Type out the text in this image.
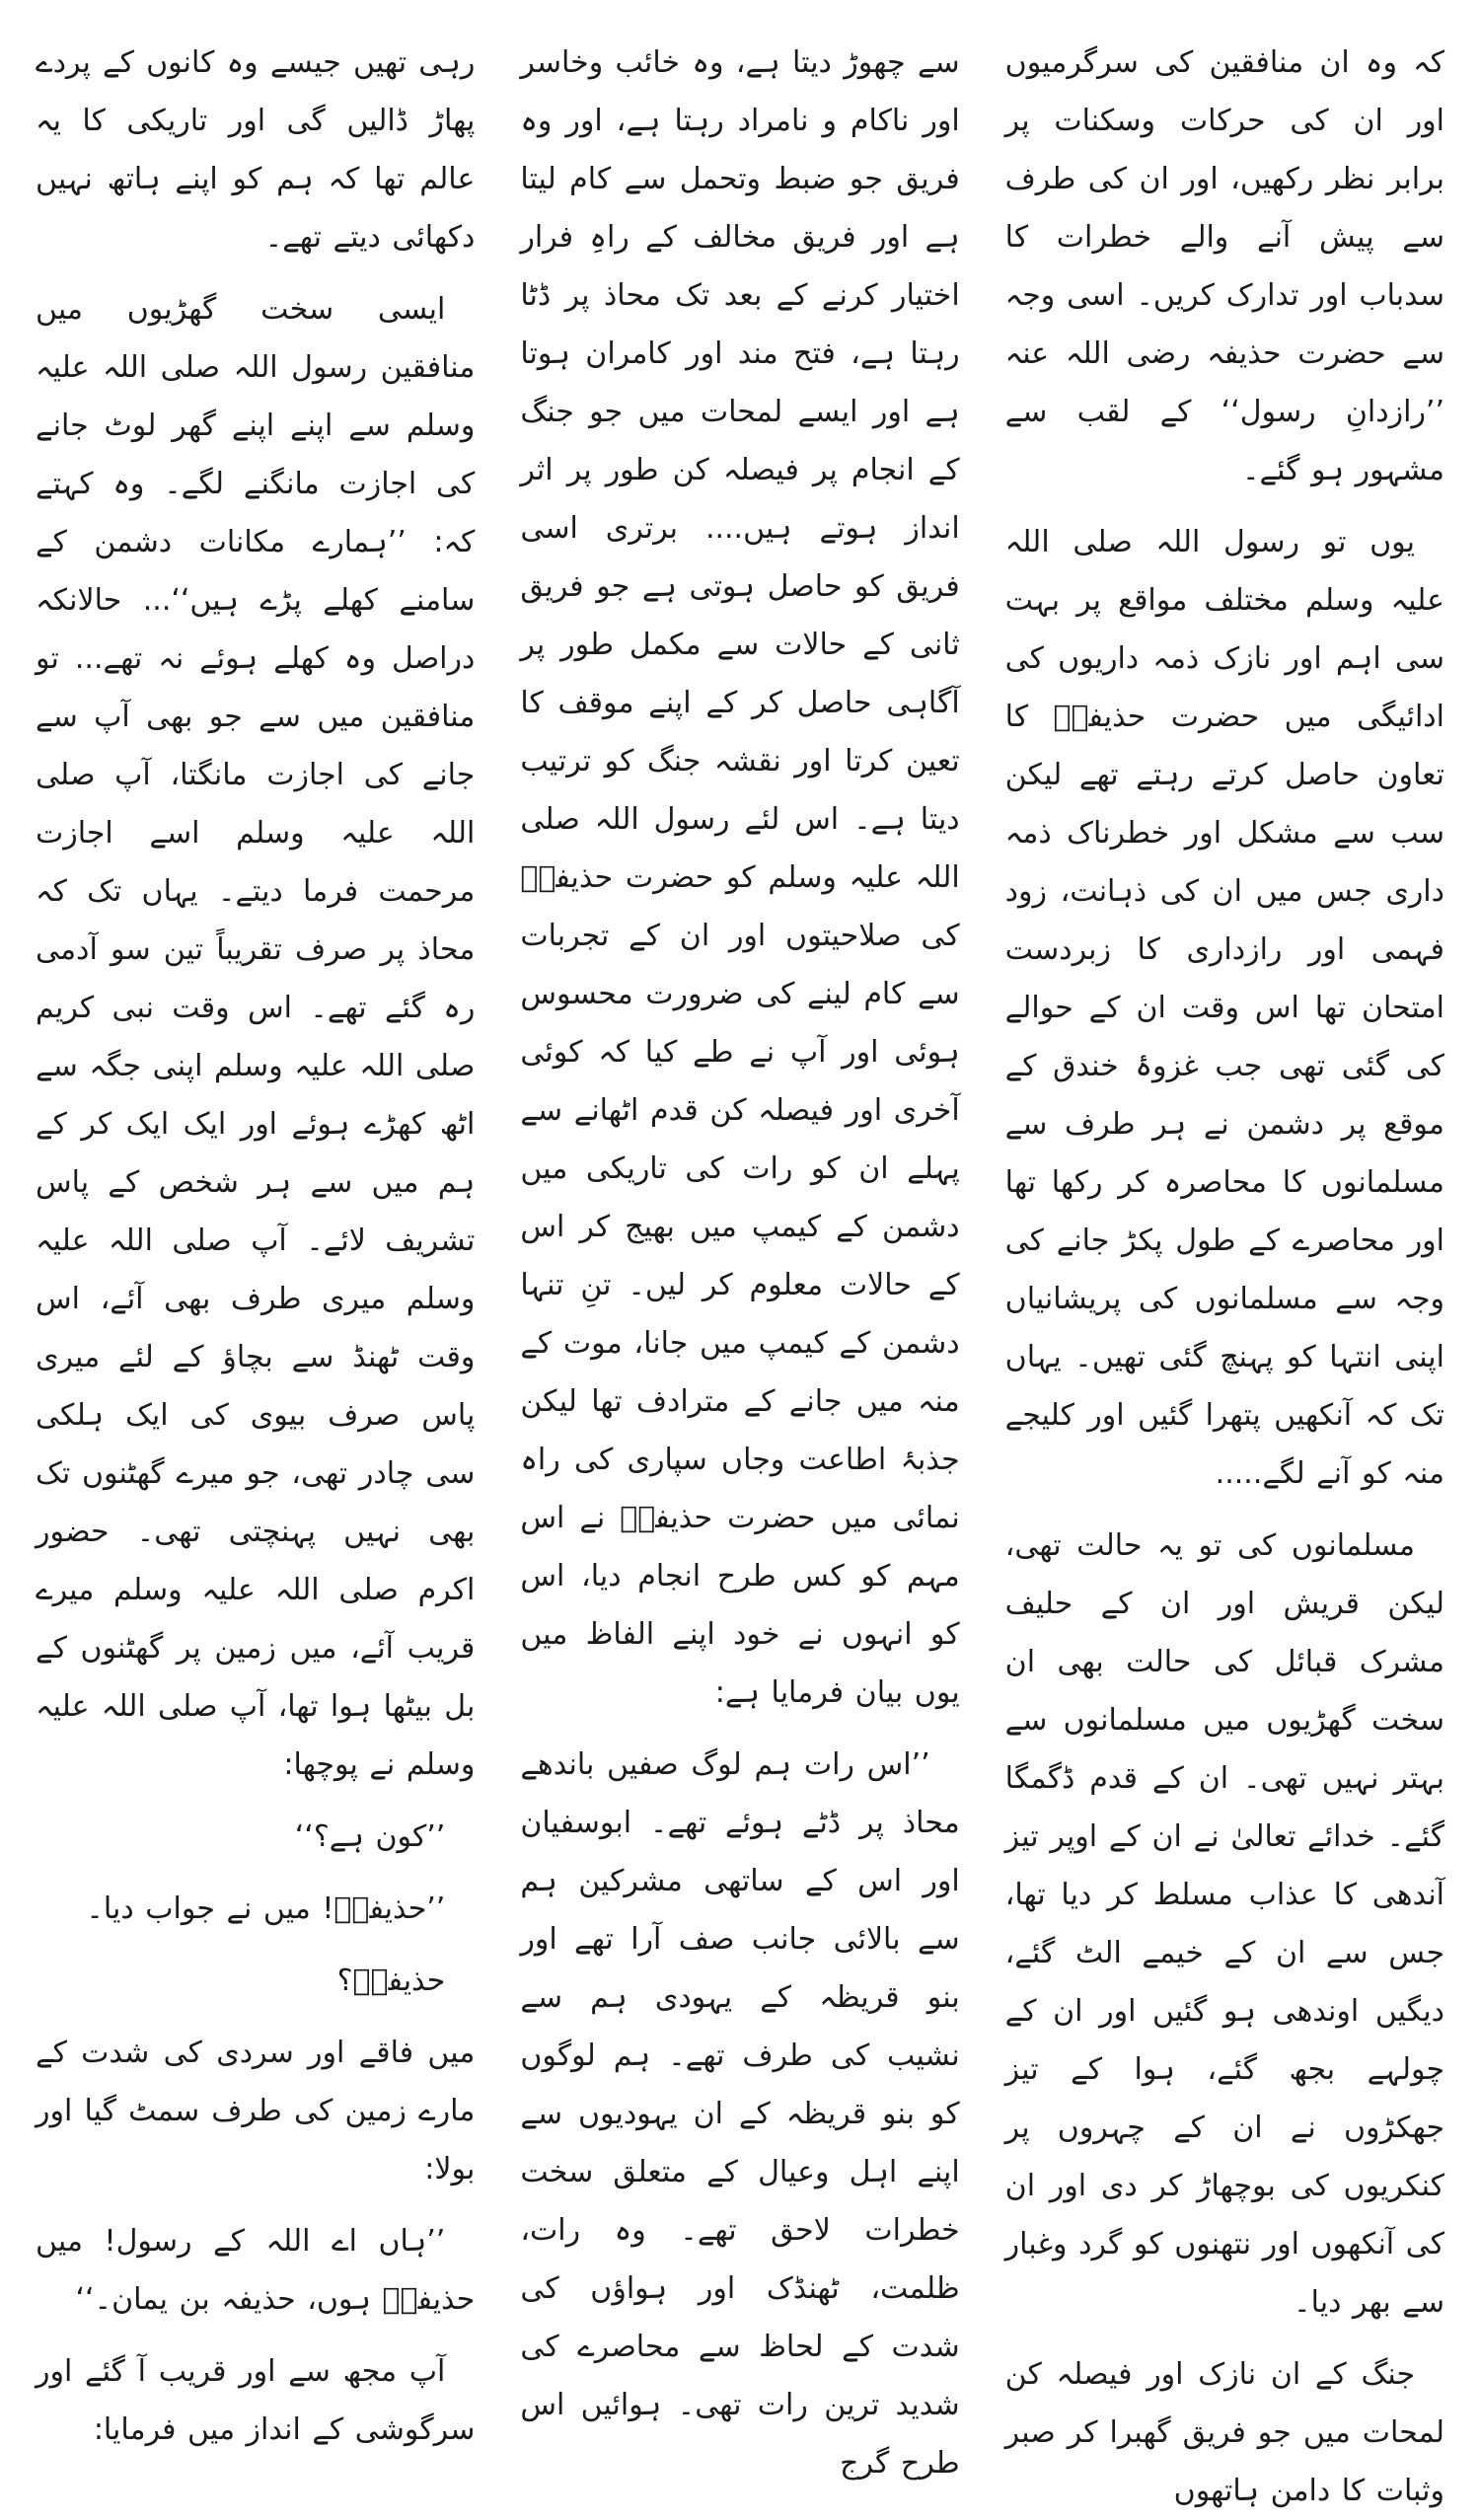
کہ وہ ان منافقین کی سرگرمیوں اور ان کی حرکات وسکنات پر برابر نظر رکھیں، اور ان کی طرف سے پیش آنے والے خطرات کا سدباب اور تدارک کریں۔ اسی وجہ سے حضرت حذیفہ رضی اللہ عنہ ’’رازدانِ رسول‘‘ کے لقب سے مشہور ہو گئے۔

یوں تو رسول اللہ صلی اللہ علیہ وسلم مختلف مواقع پر بہت سی اہم اور نازک ذمہ داریوں کی ادائیگی میں حضرت حذیفہؓ کا تعاون حاصل کرتے رہتے تھے لیکن سب سے مشکل اور خطرناک ذمہ داری جس میں ان کی ذہانت، زود فہمی اور رازداری کا زبردست امتحان تھا اس وقت ان کے حوالے کی گئی تھی جب غزوۂ خندق کے موقع پر دشمن نے ہر طرف سے مسلمانوں کا محاصرہ کر رکھا تھا اور محاصرے کے طول پکڑ جانے کی وجہ سے مسلمانوں کی پریشانیاں اپنی انتہا کو پہنچ گئی تھیں۔ یہاں تک کہ آنکھیں پتھرا گئیں اور کلیجے منہ کو آنے لگے.....

مسلمانوں کی تو یہ حالت تھی، لیکن قریش اور ان کے حلیف مشرک قبائل کی حالت بھی ان سخت گھڑیوں میں مسلمانوں سے بہتر نہیں تھی۔ ان کے قدم ڈگمگا گئے۔ خدائے تعالیٰ نے ان کے اوپر تیز آندھی کا عذاب مسلط کر دیا تھا، جس سے ان کے خیمے الٹ گئے، دیگیں اوندھی ہو گئیں اور ان کے چولہے بجھ گئے، ہوا کے تیز جھکڑوں نے ان کے چہروں پر کنکریوں کی بوچھاڑ کر دی اور ان کی آنکھوں اور نتھنوں کو گرد وغبار سے بھر دیا۔

جنگ کے ان نازک اور فیصلہ کن لمحات میں جو فریق گھبرا کر صبر وثبات کا دامن ہاتھوں

سے چھوڑ دیتا ہے، وہ خائب وخاسر اور ناکام و نامراد رہتا ہے، اور وہ فریق جو ضبط وتحمل سے کام لیتا ہے اور فریق مخالف کے راہِ فرار اختیار کرنے کے بعد تک محاذ پر ڈٹا رہتا ہے، فتح مند اور کامران ہوتا ہے اور ایسے لمحات میں جو جنگ کے انجام پر فیصلہ کن طور پر اثر انداز ہوتے ہیں.... برتری اسی فریق کو حاصل ہوتی ہے جو فریق ثانی کے حالات سے مکمل طور پر آگاہی حاصل کر کے اپنے موقف کا تعین کرتا اور نقشہ جنگ کو ترتیب دیتا ہے۔ اس لئے رسول اللہ صلی اللہ علیہ وسلم کو حضرت حذیفہؓ کی صلاحیتوں اور ان کے تجربات سے کام لینے کی ضرورت محسوس ہوئی اور آپ نے طے کیا کہ کوئی آخری اور فیصلہ کن قدم اٹھانے سے پہلے ان کو رات کی تاریکی میں دشمن کے کیمپ میں بھیج کر اس کے حالات معلوم کر لیں۔ تنِ تنہا دشمن کے کیمپ میں جانا، موت کے منہ میں جانے کے مترادف تھا لیکن جذبۂ اطاعت وجاں سپاری کی راہ نمائی میں حضرت حذیفہؓ نے اس مہم کو کس طرح انجام دیا، اس کو انہوں نے خود اپنے الفاظ میں یوں بیان فرمایا ہے:

’’اس رات ہم لوگ صفیں باندھے محاذ پر ڈٹے ہوئے تھے۔ ابوسفیان اور اس کے ساتھی مشرکین ہم سے بالائی جانب صف آرا تھے اور بنو قریظہ کے یہودی ہم سے نشیب کی طرف تھے۔ ہم لوگوں کو بنو قریظہ کے ان یہودیوں سے اپنے اہل وعیال کے متعلق سخت خطرات لاحق تھے۔ وہ رات، ظلمت، ٹھنڈک اور ہواؤں کی شدت کے لحاظ سے محاصرے کی شدید ترین رات تھی۔ ہوائیں اس طرح گرج

رہی تھیں جیسے وہ کانوں کے پردے پھاڑ ڈالیں گی اور تاریکی کا یہ عالم تھا کہ ہم کو اپنے ہاتھ نہیں دکھائی دیتے تھے۔

ایسی سخت گھڑیوں میں منافقین رسول اللہ صلی اللہ علیہ وسلم سے اپنے اپنے گھر لوٹ جانے کی اجازت مانگنے لگے۔ وہ کہتے کہ: ’’ہمارے مکانات دشمن کے سامنے کھلے پڑے ہیں‘‘... حالانکہ دراصل وہ کھلے ہوئے نہ تھے... تو منافقین میں سے جو بھی آپ سے جانے کی اجازت مانگتا، آپ صلی اللہ علیہ وسلم اسے اجازت مرحمت فرما دیتے۔ یہاں تک کہ محاذ پر صرف تقریباً تین سو آدمی رہ گئے تھے۔ اس وقت نبی کریم صلی اللہ علیہ وسلم اپنی جگہ سے اٹھ کھڑے ہوئے اور ایک ایک کر کے ہم میں سے ہر شخص کے پاس تشریف لائے۔ آپ صلی اللہ علیہ وسلم میری طرف بھی آئے، اس وقت ٹھنڈ سے بچاؤ کے لئے میری پاس صرف بیوی کی ایک ہلکی سی چادر تھی، جو میرے گھٹنوں تک بھی نہیں پہنچتی تھی۔ حضور اکرم صلی اللہ علیہ وسلم میرے قریب آئے، میں زمین پر گھٹنوں کے بل بیٹھا ہوا تھا، آپ صلی اللہ علیہ وسلم نے پوچھا:

’’کون ہے؟‘‘

’’حذیفہؓ! میں نے جواب دیا۔

حذیفہؓ؟

میں فاقے اور سردی کی شدت کے مارے زمین کی طرف سمٹ گیا اور بولا:

’’ہاں اے اللہ کے رسول! میں حذیفہؓ ہوں، حذیفہ بن یمان۔‘‘

آپ مجھ سے اور قریب آ گئے اور سرگوشی کے انداز میں فرمایا:
